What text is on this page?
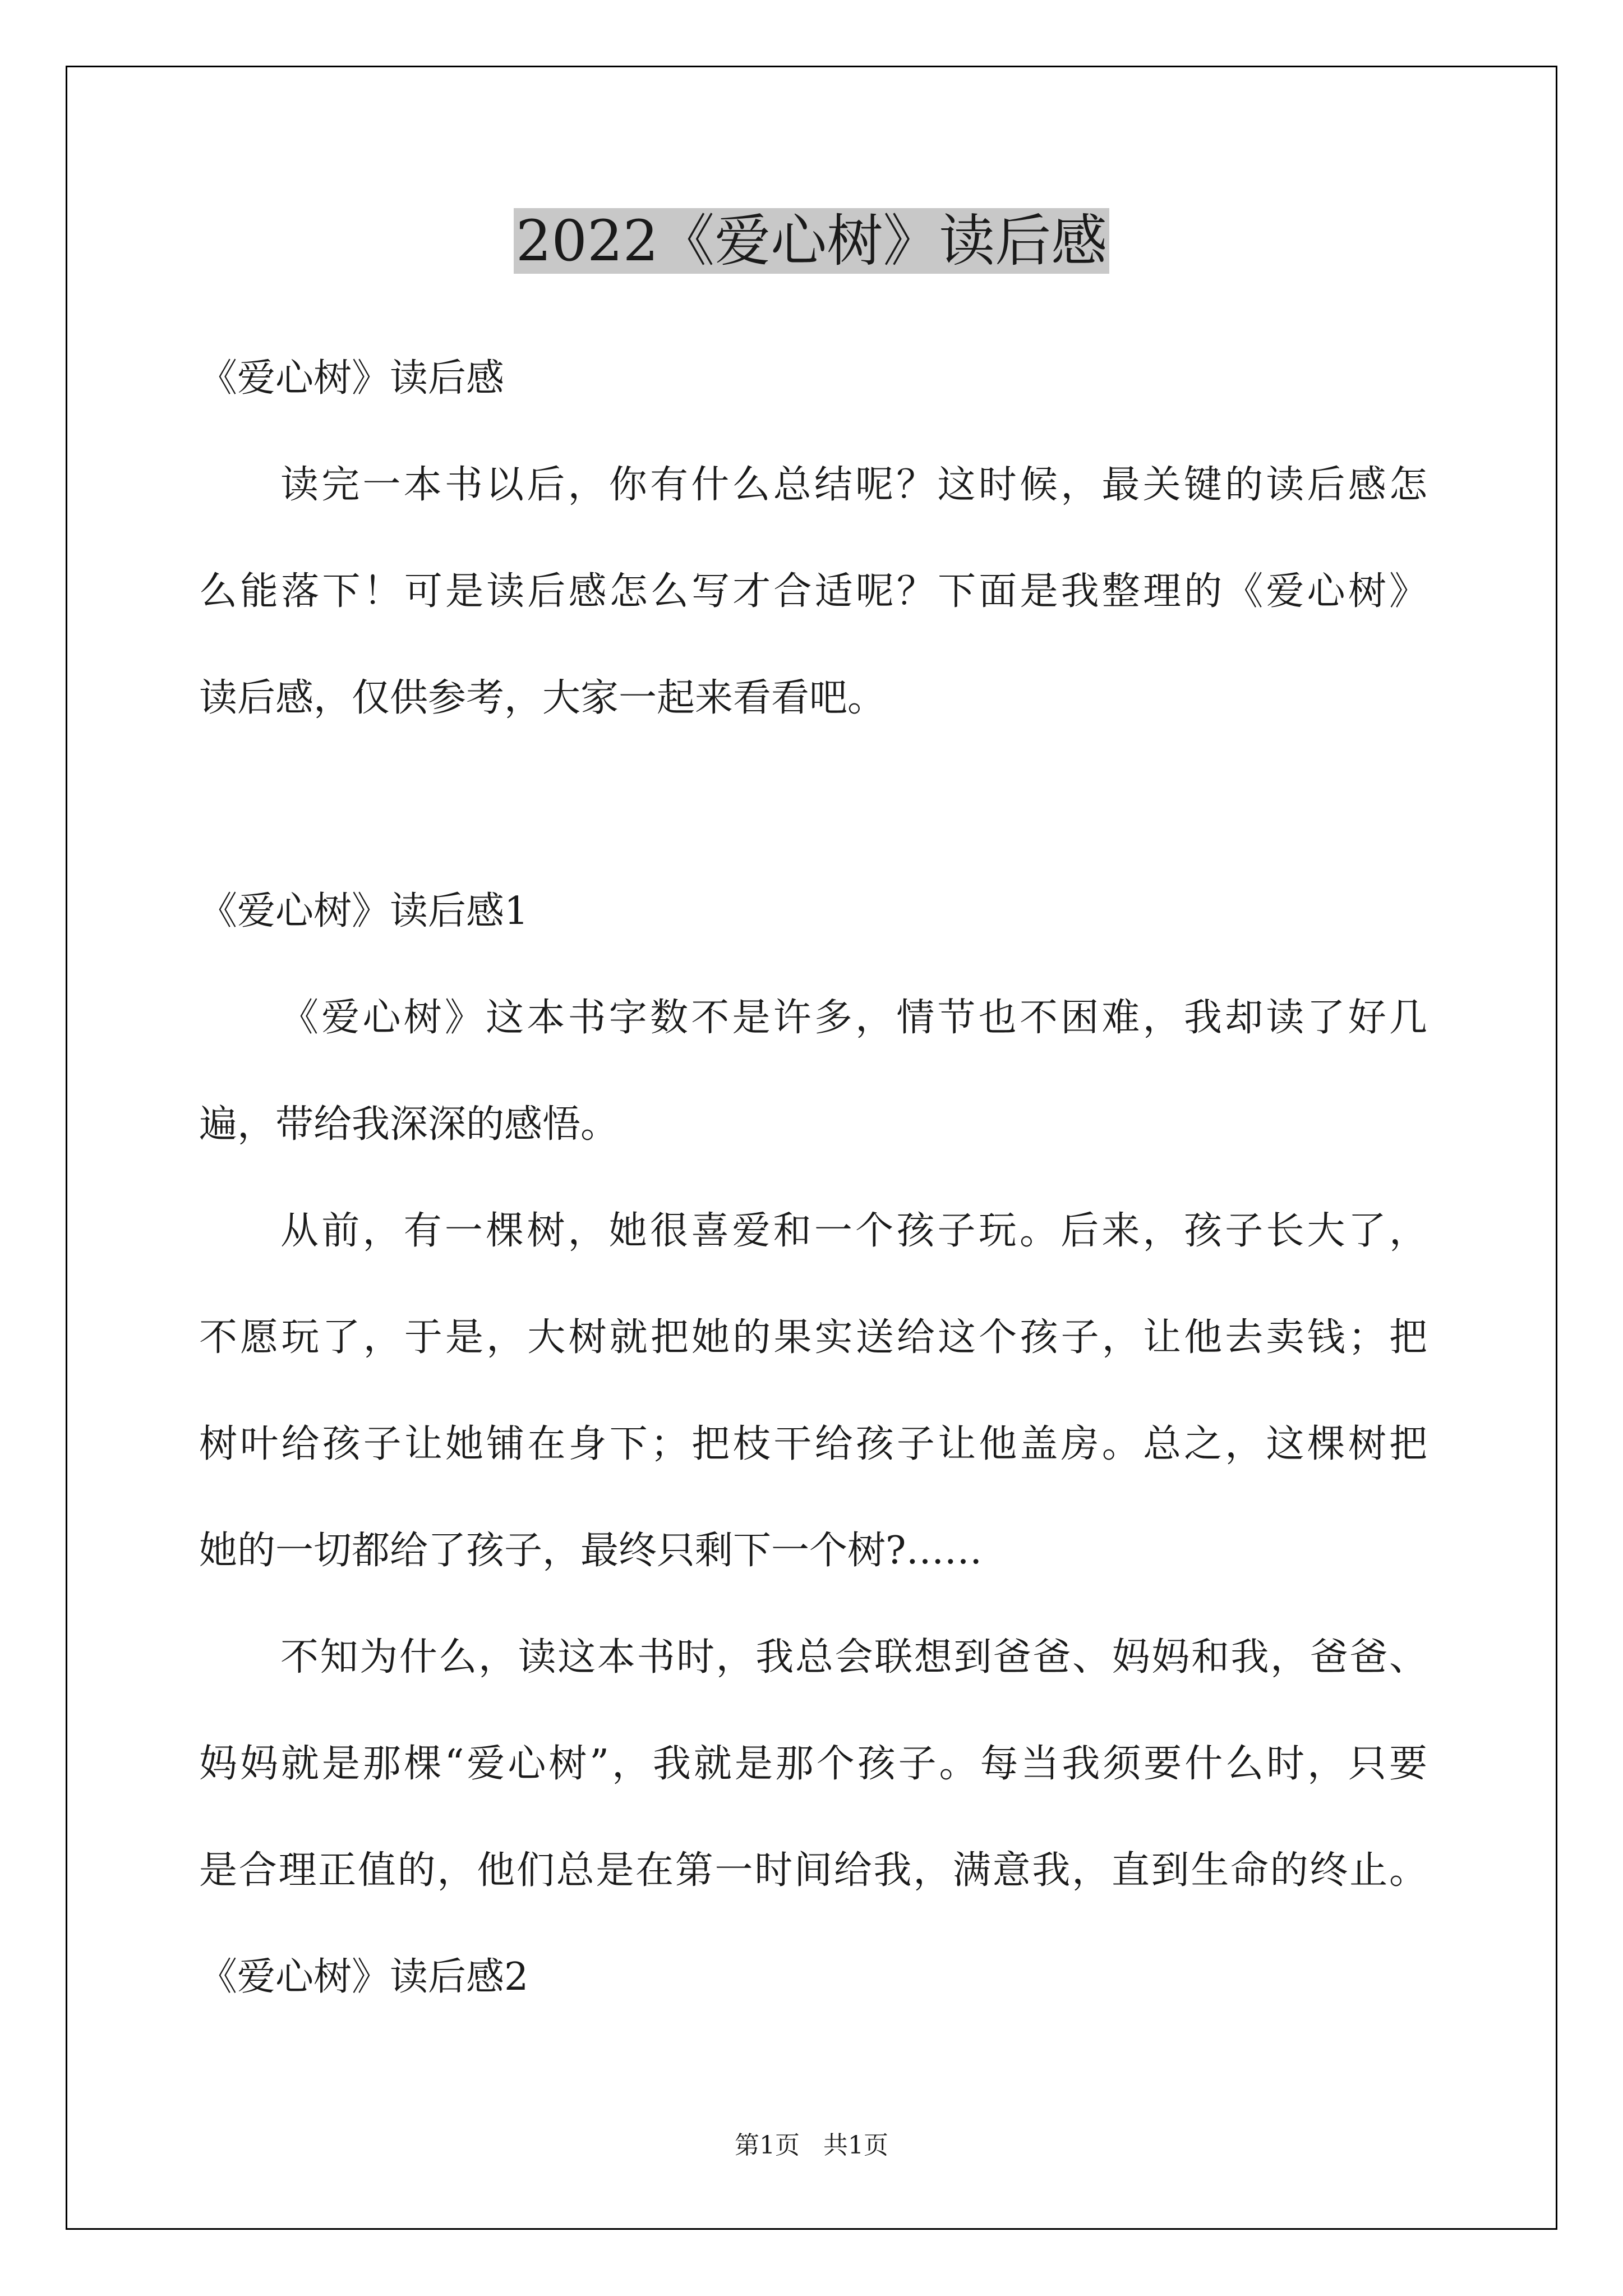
2022《爱心树》读后感
《爱心树》读后感
读完一本书以后，你有什么总结呢？这时候，最关键的读后感怎
么能落下！可是读后感怎么写才合适呢？下面是我整理的《爱心树》
读后感，仅供参考，大家一起来看看吧。
《爱心树》读后感1
《爱心树》这本书字数不是许多，情节也不困难，我却读了好几
遍，带给我深深的感悟。
从前，有一棵树，她很喜爱和一个孩子玩。后来，孩子长大了，
不愿玩了，于是，大树就把她的果实送给这个孩子，让他去卖钱；把
树叶给孩子让她铺在身下；把枝干给孩子让他盖房。总之，这棵树把
她的一切都给了孩子，最终只剩下一个树?……
不知为什么，读这本书时，我总会联想到爸爸、妈妈和我，爸爸、
妈妈就是那棵“爱心树”，我就是那个孩子。每当我须要什么时，只要
是合理正值的，他们总是在第一时间给我，满意我，直到生命的终止。
《爱心树》读后感2
第1页   共1页
